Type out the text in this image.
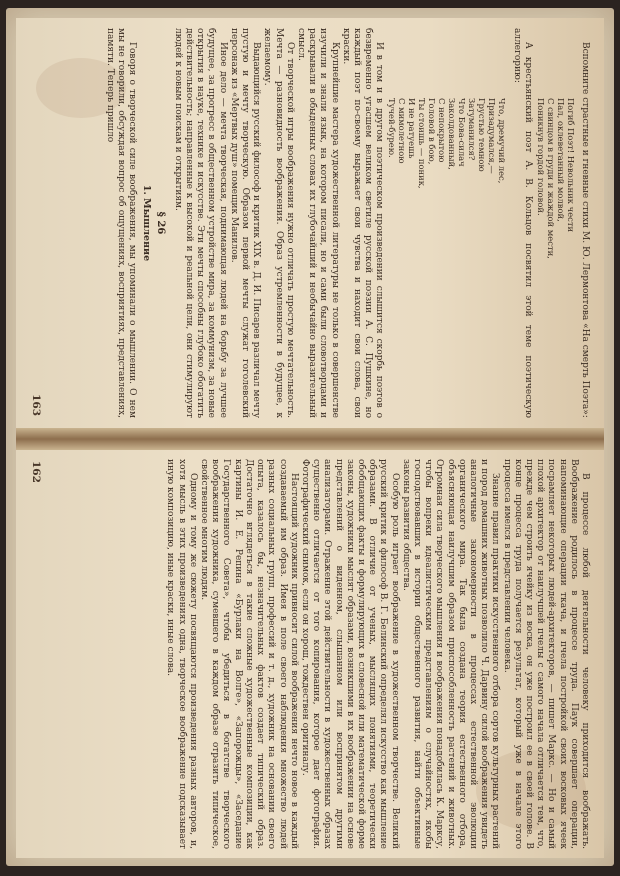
Вспомните страстные и гневные стихи М. Ю. Лермонтова «На смерть Поэта»:

Погиб Поэт! Невольник чести
Пал, оклеветанный молвой,
С свинцом в груди и жаждой мести,
Поникнув гордой головой.

А крестьянский поэт А. В. Кольцов посвятил этой теме поэтическую аллегорию:

Что, дремучий лес,
Призадумался,—
Грустью темною
Затуманился?
Что Бова-силач
Заколдованный,
С непокрытою
Головой в бою,
Ты стоишь — поник,
И не ратуешь
С мимолетною
Тучей-бурею.

И в том и в другом поэтическом произведении слышится скорбь поэтов о безвременно угасшем великом светиле русской поэзии А. С. Пушкине, но каждый поэт по-своему выражает свои чувства и находит свои слова, свои краски.

Крупнейшие мастера художественной литературы не только в совершенстве изучили и знали язык, на котором писали, но и сами были словотворцами и раскрывали в обыденных словах их глубочайший и необычайно выразительный смысл.

От творческой игры воображения нужно отличать простую мечтательность. Мечта — разновидность воображения. Образ устремленности в будущее, к желаемому.

Выдающийся русский философ и критик XIX в. Д. И. Писарев различал мечту пустую и мечту творческую. Образом первой мечты служат гоголевский персонаж из «Мертвых душ» помещик Манилов.

Иное дело — мечта творческая, поднимающая людей на борьбу за лучшее будущее, за прогресс в общественном устройстве мира, за коммунизм, за новые открытия в науке, технике и искусстве. Эти мечты способны глубоко обогатить действительность; направленные к высокой и реальной цели, они стимулируют людей к новым поискам и открытиям.

§ 26
1. Мышление

Говоря о творческой силе воображения, мы упоминали о мышлении. О нем мы не говорили, обсуждая вопрос об ощущениях, восприятиях, представлениях, памяти. Теперь пришло

163

В процессе любой деятельности человеку приходится воображать. Воображение родилось в процессе труда. Паук совершает операции, напоминающие операции ткача, и пчела постройкой своих восковых ячеек посрамляет некоторых людей-архитекторов, — пишет Маркс. — Но и самый плохой архитектор от наилучшей пчелы с самого начала отличается тем, что, прежде чем строить ячейку из воска, он уже построил ее в своей голове. В конце процесса труда получается результат, который уже в начале этого процесса имелся в представлении человека.

Знание правил практики искусственного отбора сортов культурных растений и пород домашних животных позволило Ч. Дарвину силой воображения увидеть аналогичные закономерности в процессах естественной эволюции органического мира. Так была создана теория естественного отбора, объясняющая наилучшим образом приспособленность растений и животных. Огромная сила творческого мышления и воображения понадобилась К. Марксу, чтобы вопреки идеалистическим представлениям о случайностях, якобы господствовавших в истории общественного развития, найти объективные законы развития общества.

Особую роль играет воображение в художественном творчестве. Великий русский критик и философ В. Г. Белинский определял искусство как мышление образами. В отличие от ученых, мыслящих понятиями, теоретически обобщающих факты и формулирующих в словесной или математической форме законы, художники мыслят образами, возникшими в их воображении на основе представлений о виденном, слышанном или воспринятом другими анализаторами. Отражение этой действительности в художественных образах существенно отличается от того копирования, которое дает фотография. Фотографический снимок, если он хорош, тождествен оригиналу.

Настоящий художник привносит силой воображения нечто новое в каждый создаваемый им образ. Имея в поле своего наблюдения множество людей разных социальных групп, профессий и т. д., художник на основании своего опыта, казалось бы, незначительных фактов создает типический образ. Достаточно вглядеться в такие сложные художественные композиции, как картины И. Е. Репина «Бурлаки на Волге», «Запорожцы», «Заседание Государственного Совета», чтобы убедиться в богатстве творческого воображения художника, сумевшего в каждом образе отразить типическое, свойственное многим людям.

Одному и тому же сюжету посвящаются произведения разных авторов, и, хотя мысль в этих произведениях одна, творческое воображение подсказывает иную композицию, иные краски, иные слова.

162
